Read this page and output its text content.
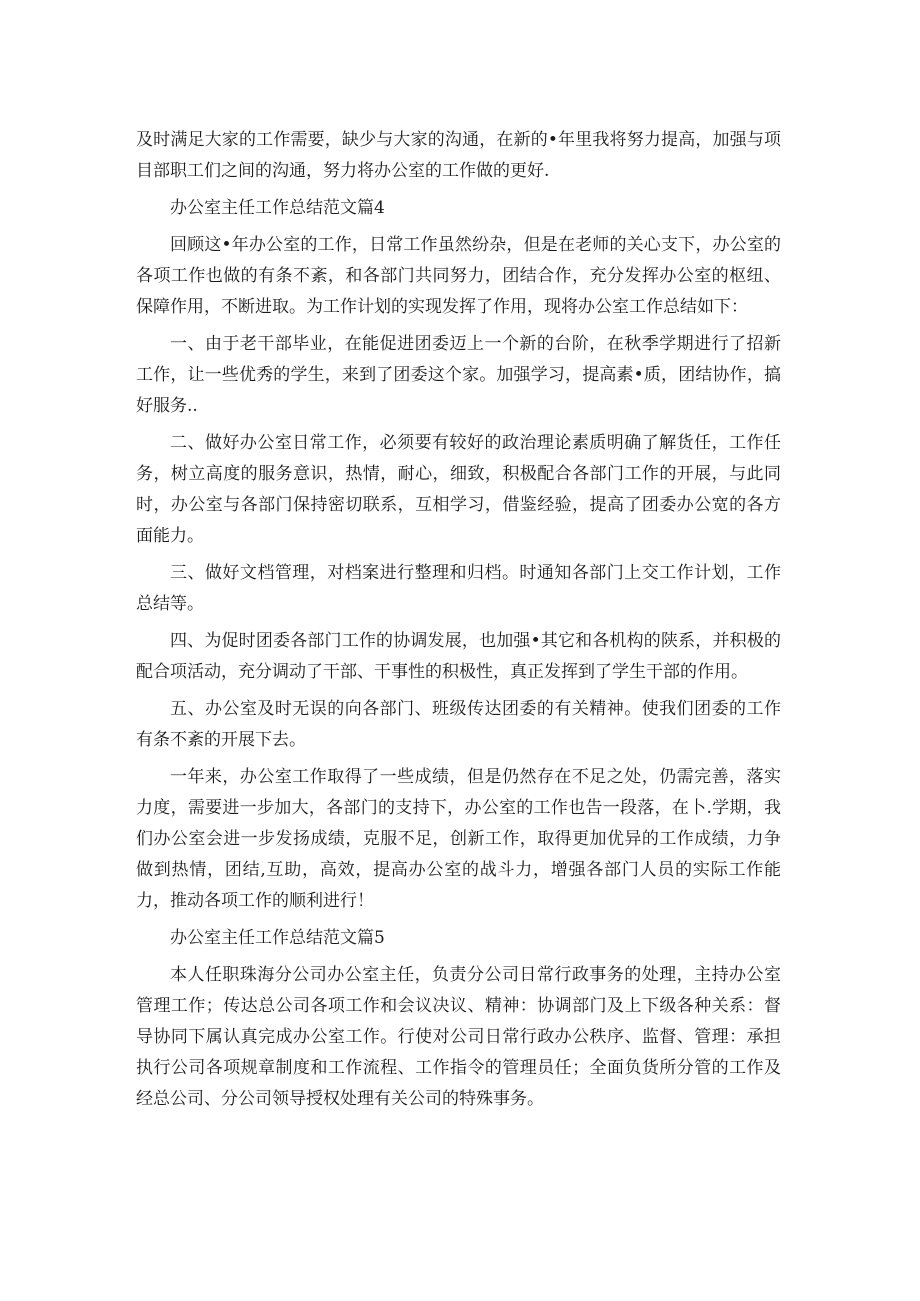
及时满足大家的工作需要，缺少与大家的沟通，在新的•年里我将努力提高，加强与项目部职工们之间的沟通，努力将办公室的工作做的更好.

办公室主任工作总结范文篇4

回顾这•年办公室的工作，日常工作虽然纷杂，但是在老师的关心支下，办公室的各项工作也做的有条不紊，和各部门共同努力，团结合作，充分发挥办公室的枢纽、保障作用，不断进取。为工作计划的实现发挥了作用，现将办公室工作总结如下：

一、由于老干部毕业，在能促进团委迈上一个新的台阶，在秋季学期进行了招新工作，让一些优秀的学生，来到了团委这个家。加强学习，提高素•质，团结协作，搞好服务..

二、做好办公室日常工作，必须要有较好的政治理论素质明确了解货任，工作任务，树立高度的服务意识，热情，耐心，细致，积极配合各部门工作的开展，与此同时，办公室与各部门保持密切联系，互相学习，借鉴经验，提高了团委办公宽的各方面能力。

三、做好文档管理，对档案进行整理和归档。时通知各部门上交工作计划，工作总结等。

四、为促时团委各部门工作的协调发展，也加强•其它和各机构的陕系，并积极的配合项活动，充分调动了干部、干事性的积极性，真正发挥到了学生干部的作用。

五、办公室及时无误的向各部门、班级传达团委的有关精神。使我们团委的工作有条不紊的开展下去。

一年来，办公室工作取得了一些成绩，但是仍然存在不足之处，仍需完善，落实力度，需要进一步加大，各部门的支持下，办公室的工作也告一段落，在卜.学期，我们办公室会进一步发扬成绩，克服不足，创新工作，取得更加优异的工作成绩，力争做到热情，团结,互助，高效，提高办公室的战斗力，增强各部门人员的实际工作能力，推动各项工作的顺利进行！

办公室主任工作总结范文篇5

本人任职珠海分公司办公室主任，负责分公司日常行政事务的处理，主持办公室管理工作；传达总公司各项工作和会议决议、精神：协调部门及上下级各种关系：督导协同下属认真完成办公室工作。行使对公司日常行政办公秩序、监督、管理：承担执行公司各项规章制度和工作流程、工作指令的管理员任；全面负货所分管的工作及经总公司、分公司领导授权处理有关公司的特殊事务。
